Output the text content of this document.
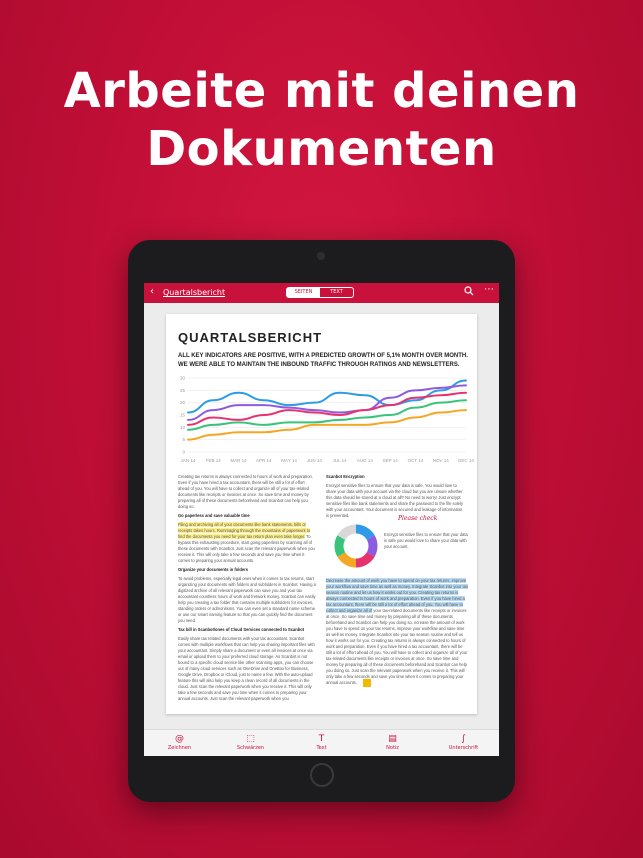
Arbeite mit deinen
Dokumenten
‹ Quartalsbericht	SEITEN	TEXT	⋯
QUARTALSBERICHT
ALL KEY INDICATORS ARE POSITIVE, WITH A PREDICTED GROWTH OF 5,1% MONTH OVER MONTH. WE WERE ABLE TO MAINTAIN THE INBOUND TRAFFIC THROUGH RATINGS AND NEWSLETTERS.
0
5
10
15
20
25
30
JAN 14 FEB 14 MAR 14 APR 14 MAY 14 JUN 14 JUL 14 AUG 14 SEP 14 OCT 14 NOV 14 DEC 14

Creating tax returns is always connected to hours of work and preparation. Even if you have hired a tax accountant, there will be still a lot of effort ahead of you. You will have to collect and organize all of your tax-related documents like receipts or invoices at once. So save time and money by preparing all of these documents beforehand and Scanbot can help you doing so.

Go paperless and save valuable time

Filing and archiving all of your documents like bank statements, bills or receipts takes hours. Rummaging through the mountains of paperwork to find the documents you need for your tax return plan even take longer. To bypass this exhausting procedure, start going paperless by scanning all of these documents with Scanbot. Just scan the relevant paperwork when you receive it. This will only take a few seconds and save you time when it comes to preparing your annual accounts.

Organize your documents in folders

To avoid problems, especially legal ones when it comes to tax returns, start organizing your documents with folders and subfolders in Scanbot. Having a digitized archive of all relevant paperwork can save you and your tax accountant countless hours of work and fretwork money. Scanbot can easily help you creating a tax folder that contains multiple subfolders for invoices, standing orders or admonitions. You can even set a standard name scheme or use our smart naming feature so that you can quickly find the document you need.

Tax bill in Scanbot/ones of Cloud Services connected to Scanbot

Easily share tax related documents with your tax accountant. Scanbot comes with multiple workflows that can help you sharing important files with your accountant. Simply share a document or even all invoices at once via email or upload them to your preferred cloud storage. As Scanbot is not bound to a specific cloud service like other scanning apps, you can choose out of many cloud services such as OneDrive and OneBox for Business, Google Drive, Dropbox or iCloud, just to name a few. With the auto-upload feature this will also help you keep a clean record of all documents in the cloud. Just scan the relevant paperwork when you receive it. This will only take a few seconds and save you time when it comes to preparing your annual accounts. Just scan the relevant paperwork when you

Scanbot Encryption

Encrypt sensitive files to ensure that your data is safe. You would love to share your data with your account via the cloud but you are unsure whether this data should be stored at a cloud at all? No need to worry! Just encrypt sensitive files like bank statements and share the password to the file solely with your accountant. Your document is secured and leakage of information is prevented.	Please check
Encrypt sensitive files to ensure that your data is safe you would love to share your data with your account.

Decrease the amount of work you have to spend on your tax returns, improve your workflow and save time as well as money. Integrate Scanbot into your tax season routine and let us how it works out for you. Creating tax returns is always connected to hours of work and preparation. Even if you have hired a tax accountant, there will be still a lot of effort ahead of you. You will have to collect and organize all of your tax-related documents like receipts or invoices at once. So save time and money by preparing all of these documents beforehand and Scanbot can help you doing so. ecrease the amount of work you have to spend on your tax returns, improve your workflow and save time as well as money. Integrate Scanbot into your tax season routine and tell us how it works out for you. Creating tax returns is always connected to hours of work and preparation. Even if you have hired a tax accountant, there will be still a lot of effort ahead of you. You will have to collect and organize all of your tax-related documents like receipts or invoices at once. So save time and money by preparing all of these documents beforehand and Scanbot can help you doing so. Just scan the relevant paperwork when you receive it. This will only take a few seconds and save you time when it comes to preparing your annual accounts.

@
Zeichnen
⬚
Schwärzen
T
Text
▤
Notiz
∫
Unterschrift
